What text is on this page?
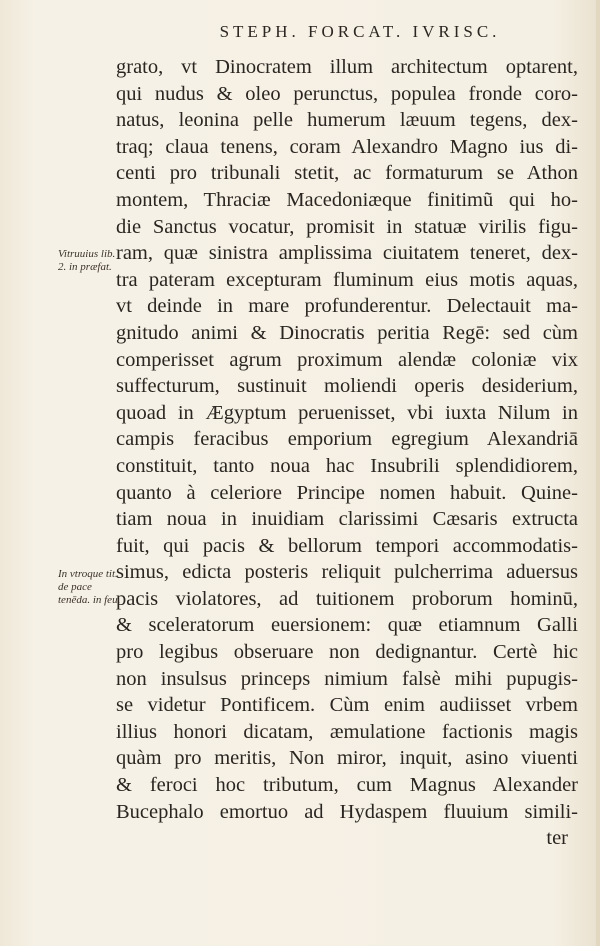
STEPH. FORCAT. IVRISC.
Vitruuius lib. 2. in præfat.
In vtroque tit. de pace tenēda. in feu.
grato, vt Dinocratem illum architectum optarent,
qui nudus & oleo perunctus, populea fronde coro-
natus, leonina pelle humerum læuum tegens, dex-
traq; claua tenens, coram Alexandro Magno ius di-
centi pro tribunali stetit, ac formaturum se Athon
montem, Thraciæ Macedoniæque finitimũ qui ho-
die Sanctus vocatur, promisit in statuæ virilis figu-
ram, quæ sinistra amplissima ciuitatem teneret, dex-
tra pateram excepturam fluminum eius motis aquas,
vt deinde in mare profunderentur. Delectauit ma-
gnitudo animi & Dinocratis peritia Regē: sed cùm
comperisset agrum proximum alendæ coloniæ vix
suffecturum, sustinuit moliendi operis desiderium,
quoad in Ægyptum peruenisset, vbi iuxta Nilum in
campis feracibus emporium egregium Alexandriā
constituit, tanto noua hac Insubrili splendidiorem,
quanto à celeriore Principe nomen habuit. Quine-
tiam noua in inuidiam clarissimi Cæsaris extructa
fuit, qui pacis & bellorum tempori accommodatis-
simus, edicta posteris reliquit pulcherrima aduersus
pacis violatores, ad tuitionem proborum hominū,
& sceleratorum euersionem: quæ etiamnum Galli
pro legibus obseruare non dedignantur. Certè hic
non insulsus princeps nimium falsè mihi pupugis-
se videtur Pontificem. Cùm enim audiisset vrbem
illius honori dicatam, æmulatione factionis magis
quàm pro meritis, Non miror, inquit, asino viuenti
& feroci hoc tributum, cum Magnus Alexander
Bucephalo emortuo ad Hydaspem fluuium simili-
ter
